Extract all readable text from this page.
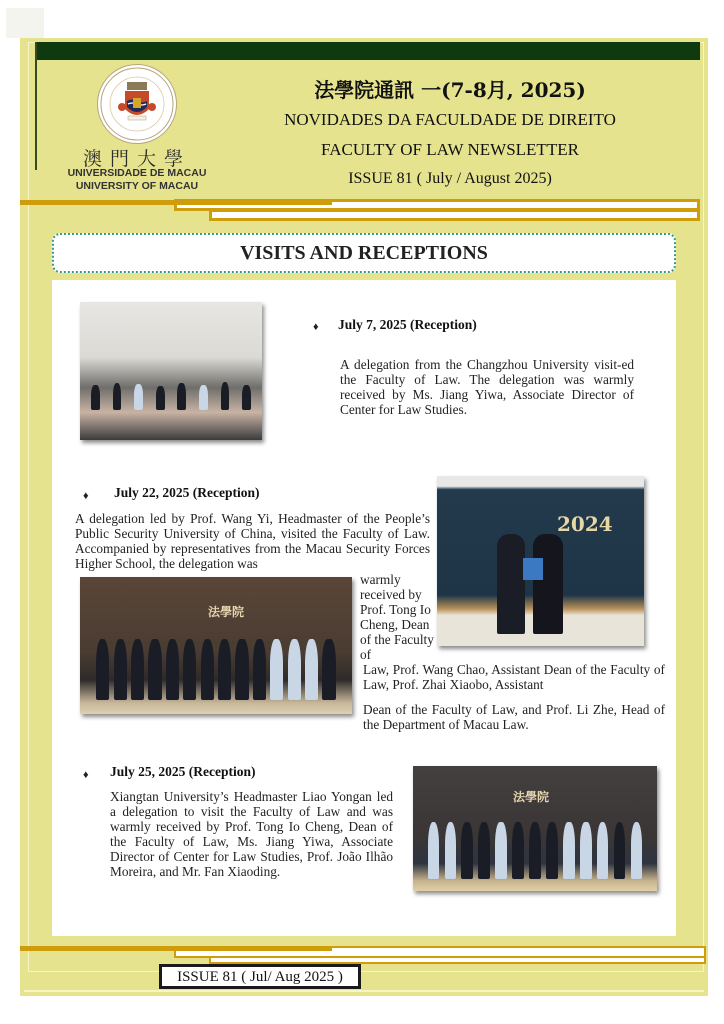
澳門大學
UNIVERSIDADE DE MACAU
UNIVERSITY OF MACAU
法學院通訊 一(7-8月, 2025)
NOVIDADES DA FACULDADE DE DIREITO
FACULTY OF LAW NEWSLETTER
ISSUE 81 ( July / August 2025)
VISITS AND RECEPTIONS
♦ July 7, 2025 (Reception)
A delegation from the Changzhou University visit-ed the Faculty of Law. The delegation was warmly received by Ms. Jiang Yiwa, Associate Director of Center for Law Studies.
♦ July 22, 2025 (Reception)
A delegation led by Prof. Wang Yi, Headmaster of the People’s Public Security University of China, visited the Faculty of Law. Accompanied by representatives from the Macau Security Forces Higher School, the delegation was
2024
法學院
warmly received by Prof. Tong Io Cheng, Dean of the Faculty of
Law, Prof. Wang Chao, Assistant Dean of the Faculty of Law, Prof. Zhai Xiaobo, Assistant
Dean of the Faculty of Law, and Prof. Li Zhe, Head of the Department of Macau Law.
♦ July 25, 2025 (Reception)
Xiangtan University’s Headmaster Liao Yongan led a delegation to visit the Faculty of Law and was warmly received by Prof. Tong Io Cheng, Dean of the Faculty of Law, Ms. Jiang Yiwa, Associate Director of Center for Law Studies, Prof. João Ilhão Moreira, and Mr. Fan Xiaoding.
法學院
ISSUE 81 ( Jul/ Aug 2025 )
